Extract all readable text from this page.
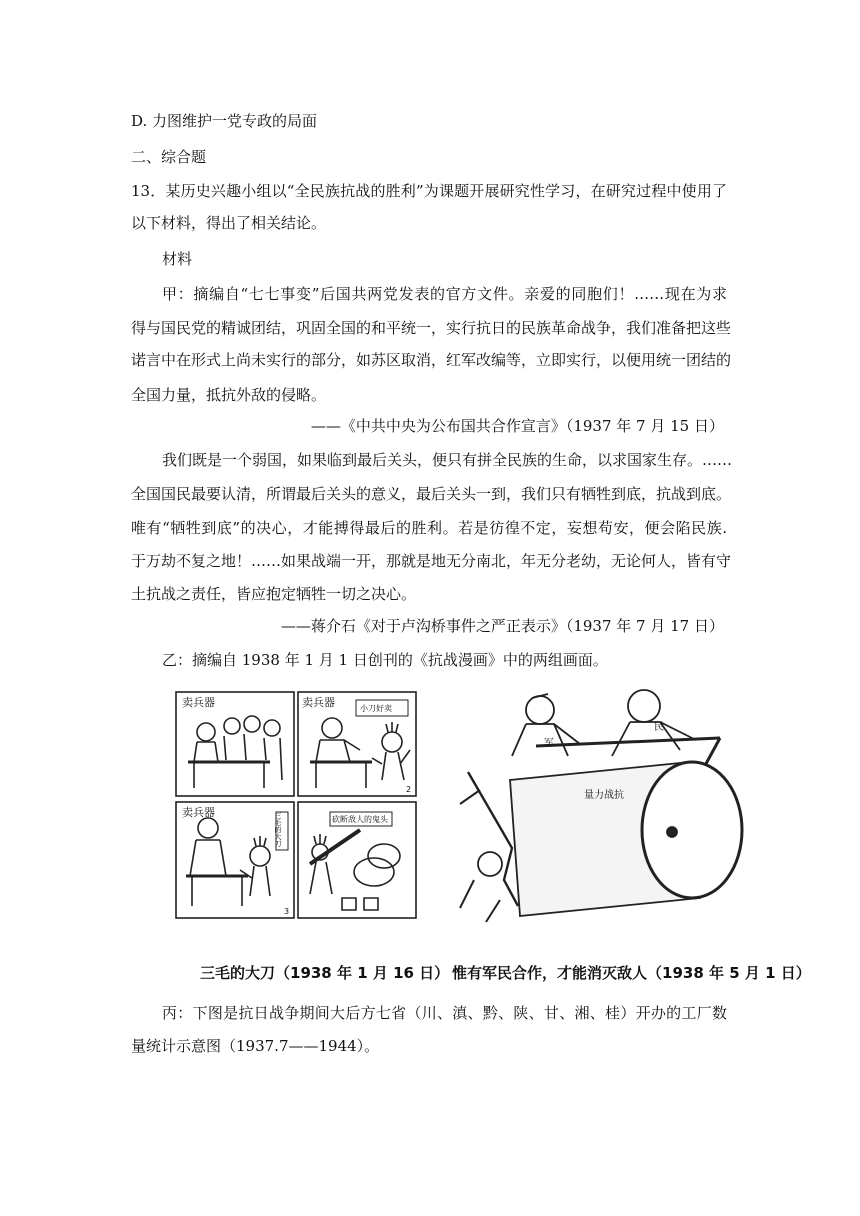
D. 力图维护一党专政的局面
二、综合题
13．某历史兴趣小组以“全民族抗战的胜利”为课题开展研究性学习，在研究过程中使用了
以下材料，得出了相关结论。
材料
甲：摘编自“七七事变”后国共两党发表的官方文件。亲爱的同胞们！……现在为求
得与国民党的精诚团结，巩固全国的和平统一，实行抗日的民族革命战争，我们准备把这些
诺言中在形式上尚未实行的部分，如苏区取消，红军改编等，立即实行，以便用统一团结的
全国力量，抵抗外敌的侵略。
——《中共中央为公布国共合作宣言》（1937 年 7 月 15 日）
我们既是一个弱国，如果临到最后关头，便只有拼全民族的生命，以求国家生存。……
全国国民最要认清，所谓最后关头的意义，最后关头一到，我们只有牺牲到底，抗战到底。
唯有“牺牲到底”的决心，才能搏得最后的胜利。若是彷徨不定，妄想苟安，便会陷民族.
于万劫不复之地！……如果战端一开，那就是地无分南北，年无分老幼，无论何人，皆有守
土抗战之责任，皆应抱定牺牲一切之决心。
——蒋介石《对于卢沟桥事件之严正表示》（1937 年 7 月 17 日）
乙：摘编自 1938 年 1 月 1 日创刊的《抗战漫画》中的两组画面。
卖兵器	卖兵器	小刀好卖
卖兵器
砍断敌人的鬼头
2
3
三毛的大刀
军
民
量力战抗
三毛的大刀（1938 年 1 月 16 日） 惟有军民合作，才能消灭敌人（1938 年 5 月 1 日）
丙：下图是抗日战争期间大后方七省（川、滇、黔、陕、甘、湘、桂）开办的工厂数
量统计示意图（1937.7——1944）。
